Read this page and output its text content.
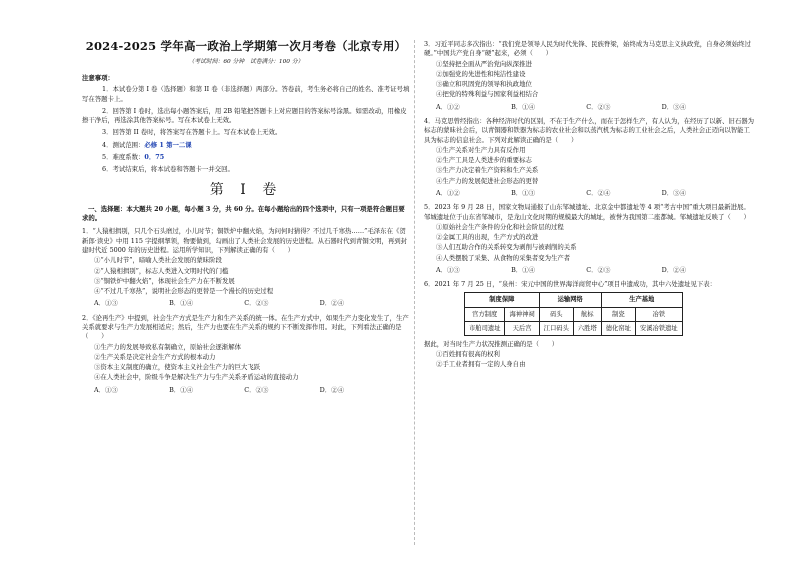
2024-2025 学年高一政治上学期第一次月考卷（北京专用）
（考试时间：60 分钟　试卷满分：100 分）
注意事项：
1．本试卷分第 I 卷（选择题）和第 II 卷（非选择题）两部分。答卷前，考生务必将自己的姓名、准考证号填写在答题卡上。
2．回答第 I 卷时，选出每小题答案后，用 2B 铅笔把答题卡上对应题目的答案标号涂黑。如需改动，用橡皮擦干净后，再选涂其他答案标号。写在本试卷上无效。
3．回答第 II 卷时，将答案写在答题卡上。写在本试卷上无效。
4．测试范围：必修 1 第一二课
5．难度系数：0．75
6．考试结束后，将本试卷和答题卡一并交回。
第 I 卷
一、选择题：本大题共 20 小题，每小题 3 分，共 60 分。在每小题给出的四个选项中，只有一项是符合题目要求的。
1．“人猿相揖别，只几个石头磨过，小儿时节；铜铁炉中翻火焰，为问何时猜得？不过几千寒热……”毛泽东在《贺新郎·读史》中用 115 字提纲挈领，物要做到，勾画出了人类社会发展的历史进程。从石器时代到青铜文明，再到封建时代近 5000 年的历史进程。运用所学知识，下列解读正确的有（　　）
①“小儿时节”，暗喻人类社会发展的蒙昧阶段
②“人猿相揖别”，标志人类进入文明时代的门槛
③“铜铁炉中翻火焰”，体现社会生产力在不断发展
④“不过几千寒热”，说明社会形态的更替是一个漫长的历史过程
A．①③	B．①④	C．②③	D．②④
2．《论再生产》中提到，社会生产方式是生产力和生产关系的统一体。在生产方式中，如果生产力变化发生了，生产关系就要求与生产力发展相适应；然后，生产力也要在生产关系的规约下不断发挥作用。对此，下列看法正确的是（　　）
①生产力的发展导致私有制确立，原始社会逐渐解体
②生产关系是决定社会生产方式的根本动力
③资本主义制度的确立，使资本主义社会生产力的巨大飞跃
④在人类社会中，阶级斗争是解决生产力与生产关系矛盾运动的直接动力
A．①③	B．①④	C．②③	D．②④
3．习近平同志多次指出：“我们党是领导人民为时代先锋、民族脊梁，始终成为马克思主义执政党，自身必须始终过硬。”中国共产党自身“硬”起来，必须（　　）
①坚持把全面从严治党向纵深推进
②加强党的先进性和纯洁性建设
③确立和巩固党的领导和执政地位
④把党的特殊利益与国家利益相结合
A．①②	B．①④	C．②③	D．③④
4．马克思曾经指出：各种经济时代的区别，不在于生产什么，而在于怎样生产，有人认为，在经历了以新、旧石器为标志的蒙昧社会后，以青铜器和铁器为标志的农业社会和以蒸汽机为标志的工业社会之后，人类社会正迈向以智能工具为标志的信息社会。下列对此解读正确的是（　　）
①生产关系对生产力具有反作用
②生产工具是人类进步的重要标志
③生产力决定着生产资料和生产关系
④生产力的发展促进社会形态的更替
A．①②	B．①③	C．②④	D．③④
5．2023 年 9 月 28 日，国家文物局通报了山东邹城遗址、北京金中都遗址等 4 项“考古中国”重大项目最新进展。邹城遗址位于山东省邹城市，是龙山文化时期的规模最大的城址，被誉为我国第二座都城。邹城遗址反映了（　　）
①原始社会生产条件的分化和社会阶层的过程
②金属工具的出现，生产方式的改进
③人们互助合作的关系转变为剥削与被剥削的关系
④人类摆脱了采集、从食物的采集者变为生产者
A．①③	B．①④	C．②③	D．②④
6．2021 年 7 月 25 日，“泉州：宋元中国的世界海洋商贸中心”项目申遗成功，其中六处遗址见下表：
制度保障		运输网络		生产基地	
官方制度	海神神祠	码头	航标	制瓷	冶铁
市舶司遗址	天后宫	江口码头	六胜塔	德化窑址	安溪冶铁遗址
据此，对当时生产力状况推测正确的是（　　）
①百姓拥有很高的权利
②手工业者拥有一定的人身自由
